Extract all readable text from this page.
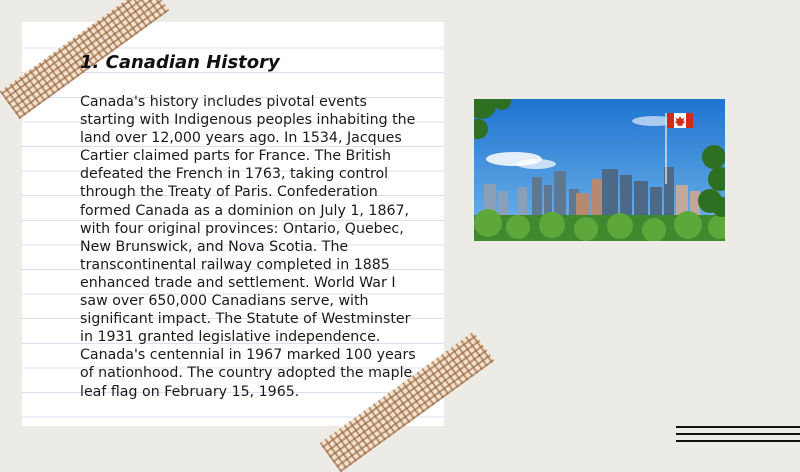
1. Canadian History

Canada's history includes pivotal events starting with Indigenous peoples inhabiting the land over 12,000 years ago. In 1534, Jacques Cartier claimed parts for France. The British defeated the French in 1763, taking control through the Treaty of Paris. Confederation formed Canada as a dominion on July 1, 1867, with four original provinces: Ontario, Quebec, New Brunswick, and Nova Scotia. The transcontinental railway completed in 1885 enhanced trade and settlement. World War I saw over 650,000 Canadians serve, with significant impact. The Statute of Westminster in 1931 granted legislative independence. Canada's centennial in 1967 marked 100 years of nationhood. The country adopted the maple leaf flag on February 15, 1965.
